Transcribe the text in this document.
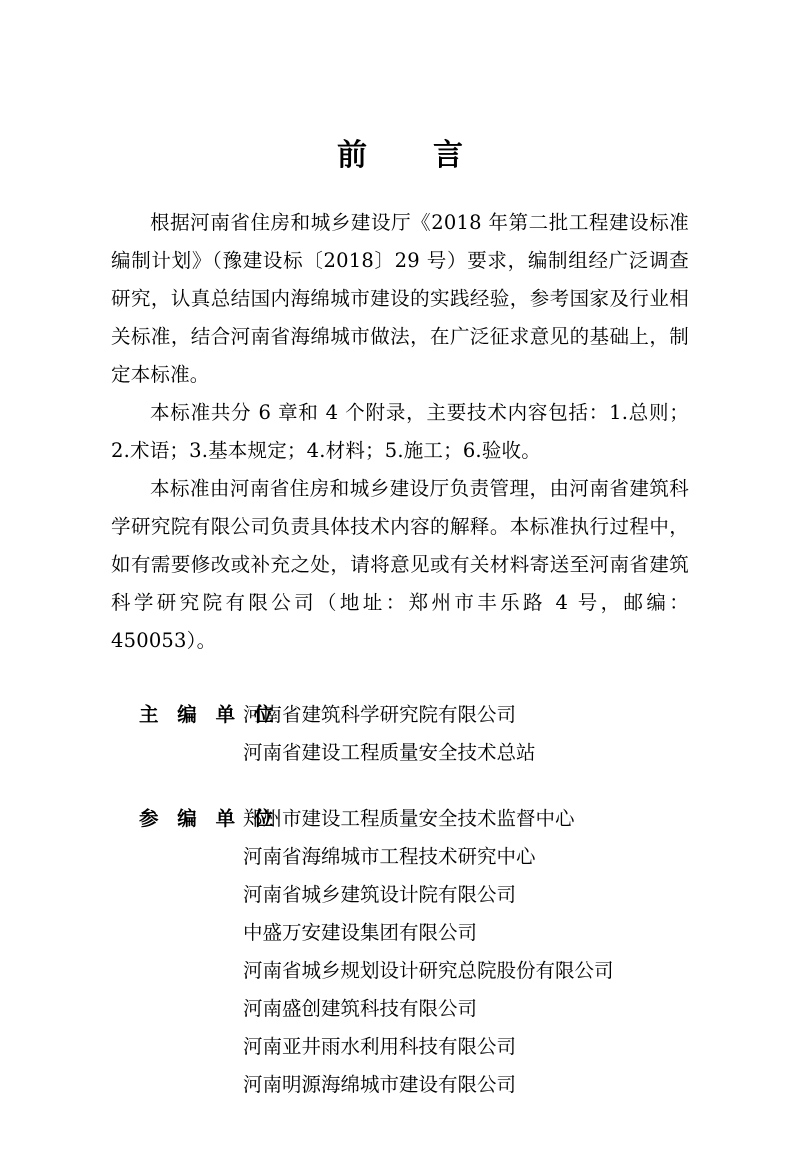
前　言

根据河南省住房和城乡建设厅《2018 年第二批工程建设标准编制计划》（豫建设标〔2018〕29 号）要求，编制组经广泛调查研究，认真总结国内海绵城市建设的实践经验，参考国家及行业相关标准，结合河南省海绵城市做法，在广泛征求意见的基础上，制定本标准。

本标准共分 6 章和 4 个附录，主要技术内容包括：1.总则；2.术语；3.基本规定；4.材料；5.施工；6.验收。

本标准由河南省住房和城乡建设厅负责管理，由河南省建筑科学研究院有限公司负责具体技术内容的解释。本标准执行过程中，如有需要修改或补充之处，请将意见或有关材料寄送至河南省建筑科学研究院有限公司（地址：郑州市丰乐路 4 号，邮编：450053）。

主 编 单 位
河南省建筑科学研究院有限公司
河南省建设工程质量安全技术总站
参 编 单 位
郑州市建设工程质量安全技术监督中心
河南省海绵城市工程技术研究中心
河南省城乡建筑设计院有限公司
中盛万安建设集团有限公司
河南省城乡规划设计研究总院股份有限公司
河南盛创建筑科技有限公司
河南亚井雨水利用科技有限公司
河南明源海绵城市建设有限公司
